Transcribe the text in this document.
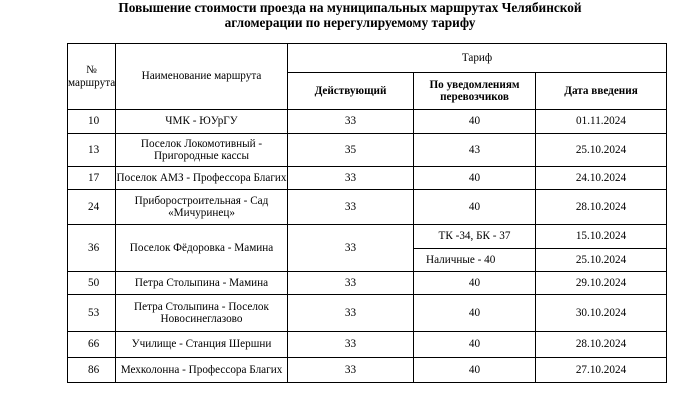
Повышение стоимости проезда на муниципальных маршрутах Челябинской
агломерации по нерегулируемому тарифу
№ маршрута	Наименование маршрута	Тариф		
		Действующий	По уведомлениям перевозчиков	Дата введения
10	ЧМК - ЮУрГУ	33	40	01.11.2024
13	Поселок Локомотивный - Пригородные кассы	35	43	25.10.2024
17	Поселок АМЗ - Профессора Благих	33	40	24.10.2024
24	Приборостроительная - Сад «Мичуринец»	33	40	28.10.2024
36	Поселок Фёдоровка - Мамина	33	ТК -34, БК - 37	15.10.2024
			Наличные - 40	25.10.2024
50	Петра Столыпина - Мамина	33	40	29.10.2024
53	Петра Столыпина - Поселок Новосинеглазово	33	40	30.10.2024
66	Училище - Станция Шершни	33	40	28.10.2024
86	Мехколонна - Профессора Благих	33	40	27.10.2024
